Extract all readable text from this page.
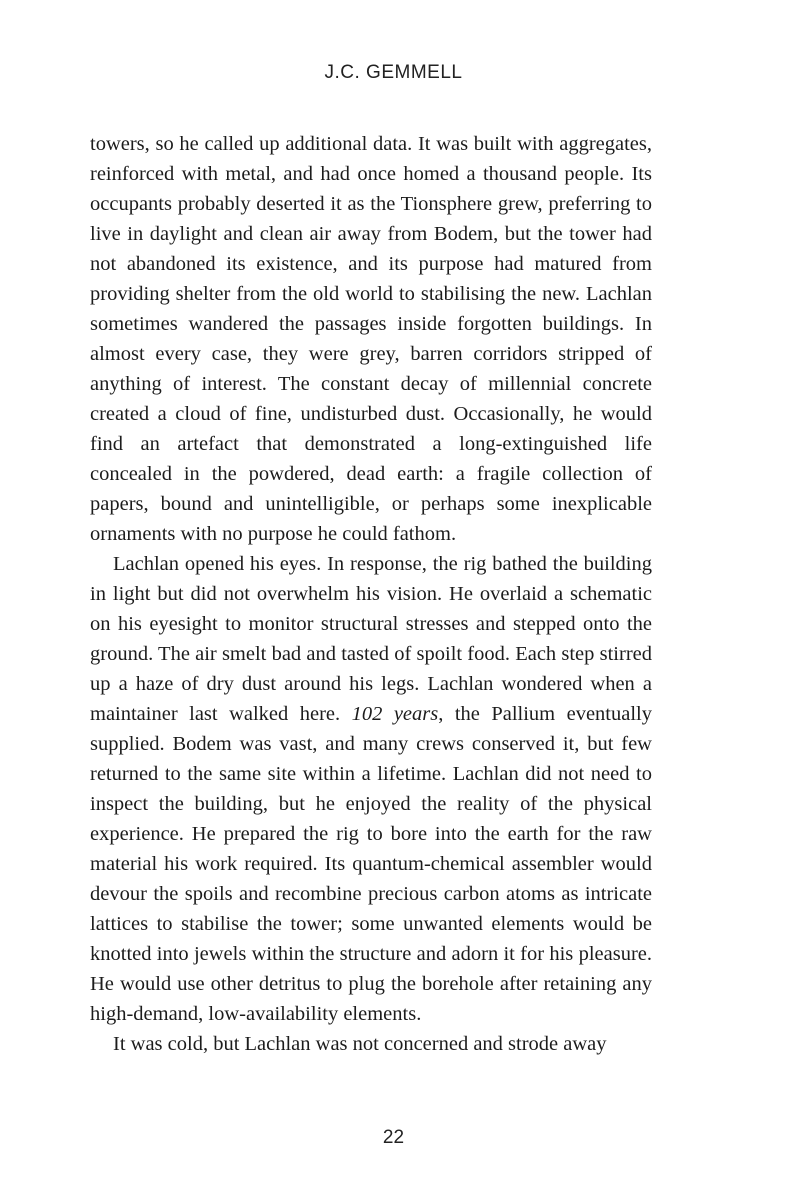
J.C. GEMMELL

towers, so he called up additional data. It was built with aggregates, reinforced with metal, and had once homed a thousand people. Its occupants probably deserted it as the Tionsphere grew, preferring to live in daylight and clean air away from Bodem, but the tower had not abandoned its existence, and its purpose had matured from providing shelter from the old world to stabilising the new. Lachlan sometimes wandered the passages inside forgotten buildings. In almost every case, they were grey, barren corridors stripped of anything of interest. The constant decay of millennial concrete created a cloud of fine, undisturbed dust. Occasionally, he would find an artefact that demonstrated a long-extinguished life concealed in the powdered, dead earth: a fragile collection of papers, bound and unintelligible, or perhaps some inexplicable ornaments with no purpose he could fathom.

Lachlan opened his eyes. In response, the rig bathed the building in light but did not overwhelm his vision. He overlaid a schematic on his eyesight to monitor structural stresses and stepped onto the ground. The air smelt bad and tasted of spoilt food. Each step stirred up a haze of dry dust around his legs. Lachlan wondered when a maintainer last walked here. 102 years, the Pallium eventually supplied. Bodem was vast, and many crews conserved it, but few returned to the same site within a lifetime. Lachlan did not need to inspect the building, but he enjoyed the reality of the physical experience. He prepared the rig to bore into the earth for the raw material his work required. Its quantum-chemical assembler would devour the spoils and recombine precious carbon atoms as intricate lattices to stabilise the tower; some unwanted elements would be knotted into jewels within the structure and adorn it for his pleasure. He would use other detritus to plug the borehole after retaining any high-demand, low-availability elements.

It was cold, but Lachlan was not concerned and strode away

22
